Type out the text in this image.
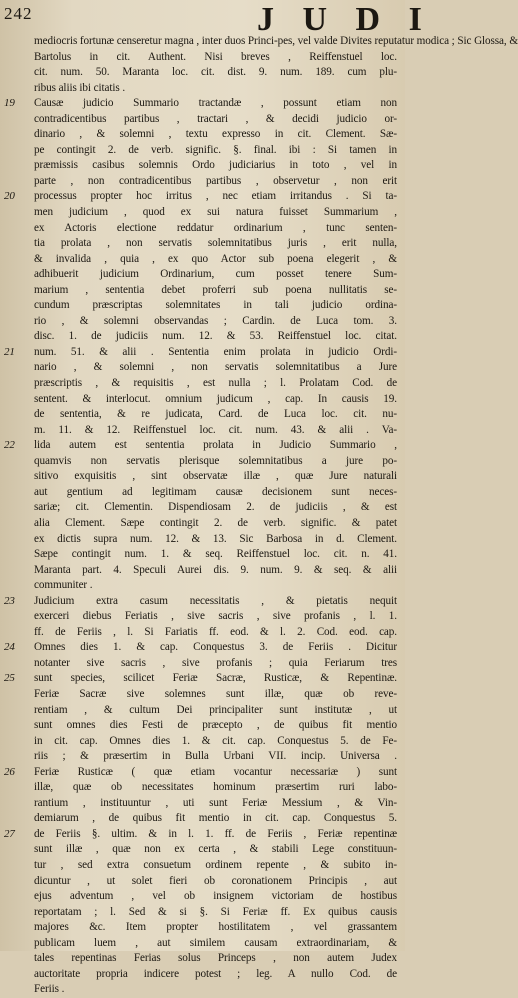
242	J U D I
mediocris fortunæ censeretur magna , inter duos Princi-pes, vel valde Divites reputatur modica ; Sic Glossa, &
Bartolus in cit. Authent. Nisi breves , Reiffenstuel loc.
cit. num. 50. Maranta loc. cit. dist. 9. num. 189. cum plu-
ribus aliis ibi citatis .
19	Causæ judicio Summario tractandæ , possunt etiam non
contradicentibus partibus , tractari , & decidi judicio or-
dinario , & solemni , textu expresso in cit. Clement. Sæ-
pe contingit 2. de verb. signific. §. final. ibi : Si tamen in
præmissis casibus solemnis Ordo judiciarius in toto , vel in
parte , non contradicentibus partibus , observetur , non erit
20	processus propter hoc irritus , nec etiam irritandus . Si ta-
men judicium , quod ex sui natura fuisset Summarium ,
ex Actoris electione reddatur ordinarium , tunc senten-
tia prolata , non servatis solemnitatibus juris , erit nulla,
& invalida , quia , ex quo Actor sub poena elegerit , &
adhibuerit judicium Ordinarium, cum posset tenere Sum-
marium , sententia debet proferri sub poena nullitatis se-
cundum præscriptas solemnitates in tali judicio ordina-
rio , & solemni observandas ; Cardin. de Luca tom. 3.
disc. 1. de judiciis num. 12. & 53. Reiffenstuel loc. citat.
21	num. 51. & alii . Sententia enim prolata in judicio Ordi-
nario , & solemni , non servatis solemnitatibus a Jure
præscriptis , & requisitis , est nulla ; l. Prolatam Cod. de
sentent. & interlocut. omnium judicum , cap. In causis 19.
de sententia, & re judicata, Card. de Luca loc. cit. nu-
m. 11. & 12. Reiffenstuel loc. cit. num. 43. & alii . Va-
22	lida autem est sententia prolata in Judicio Summario ,
quamvis non servatis plerisque solemnitatibus a jure po-
sitivo exquisitis , sint observatæ illæ , quæ Jure naturali
aut gentium ad legitimam causæ decisionem sunt neces-
sariæ; cit. Clementin. Dispendiosam 2. de judiciis , & est
alia Clement. Sæpe contingit 2. de verb. signific. & patet
ex dictis supra num. 12. & 13. Sic Barbosa in d. Clement.
Sæpe contingit num. 1. & seq. Reiffenstuel loc. cit. n. 41.
Maranta part. 4. Speculi Aurei dis. 9. num. 9. & seq. & alii
communiter .
23	Judicium extra casum necessitatis , & pietatis nequit
exerceri diebus Feriatis , sive sacris , sive profanis , l. 1.
ff. de Feriis , l. Si Fariatis ff. eod. & l. 2. Cod. eod. cap.
24	Omnes dies 1. & cap. Conquestus 3. de Feriis . Dicitur
notanter sive sacris , sive profanis ; quia Feriarum tres
25	sunt species, scilicet Feriæ Sacræ, Rusticæ, & Repentinæ.
Feriæ Sacræ sive solemnes sunt illæ, quæ ob reve-
rentiam , & cultum Dei principaliter sunt institutæ , ut
sunt omnes dies Festi de præcepto , de quibus fit mentio
in cit. cap. Omnes dies 1. & cit. cap. Conquestus 5. de Fe-
riis ; & præsertim in Bulla Urbani VII. incip. Universa .
26	Feriæ Rusticæ ( quæ etiam vocantur necessariæ ) sunt
illæ, quæ ob necessitates hominum præsertim ruri labo-
rantium , instituuntur , uti sunt Feriæ Messium , & Vin-
demiarum , de quibus fit mentio in cit. cap. Conquestus 5.
27	de Feriis §. ultim. & in l. 1. ff. de Feriis , Feriæ repentinæ
sunt illæ , quæ non ex certa , & stabili Lege constituun-
tur , sed extra consuetum ordinem repente , & subito in-
dicuntur , ut solet fieri ob coronationem Principis , aut
ejus adventum , vel ob insignem victoriam de hostibus
reportatam ; l. Sed & si §. Si Feriæ ff. Ex quibus causis
majores &c. Item propter hostilitatem , vel grassantem
publicam luem , aut similem causam extraordinariam, &
tales repentinas Ferias solus Princeps , non autem Judex
auctoritate propria indicere potest ; leg. A nullo Cod. de
Feriis .
